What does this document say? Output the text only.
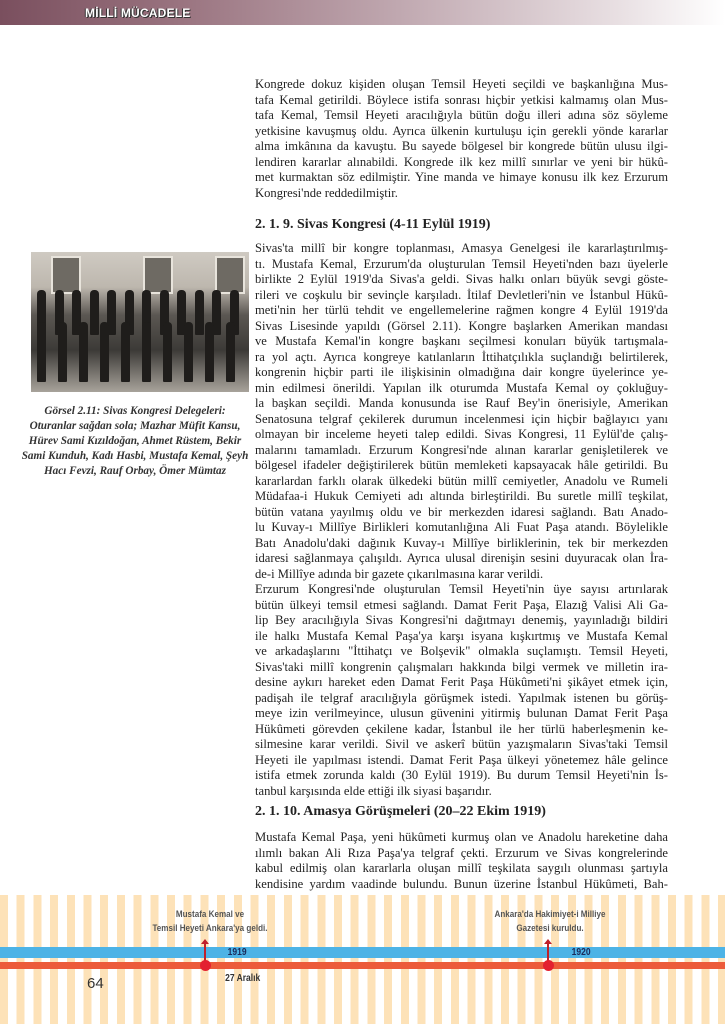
MİLLİ MÜCADELE
Kongrede dokuz kişiden oluşan Temsil Heyeti seçildi ve başkanlığına Mus-
tafa Kemal getirildi. Böylece istifa sonrası hiçbir yetkisi kalmamış olan Mus-
tafa Kemal, Temsil Heyeti aracılığıyla bütün doğu illeri adına söz söyleme
yetkisine kavuşmuş oldu. Ayrıca ülkenin kurtuluşu için gerekli yönde kararlar
alma imkânına da kavuştu. Bu sayede bölgesel bir kongrede bütün ulusu ilgi-
lendiren kararlar alınabildi. Kongrede ilk kez millî sınırlar ve yeni bir hükû-
met kurmaktan söz edilmiştir. Yine manda ve himaye konusu ilk kez Erzurum
Kongresi'nde reddedilmiştir.
2. 1. 9. Sivas Kongresi (4-11 Eylül 1919)
Sivas'ta millî bir kongre toplanması, Amasya Genelgesi ile kararlaştırılmış-
tı. Mustafa Kemal, Erzurum'da oluşturulan Temsil Heyeti'nden bazı üyelerle
birlikte 2 Eylül 1919'da Sivas'a geldi. Sivas halkı onları büyük sevgi göste-
rileri ve coşkulu bir sevinçle karşıladı. İtilaf Devletleri'nin ve İstanbul Hükû-
meti'nin her türlü tehdit ve engellemelerine rağmen kongre 4 Eylül 1919'da
Sivas Lisesinde yapıldı (Görsel 2.11). Kongre başlarken Amerikan mandası
ve Mustafa Kemal'in kongre başkanı seçilmesi konuları büyük tartışmala-
ra yol açtı. Ayrıca kongreye katılanların İttihatçılıkla suçlandığı belirtilerek,
kongrenin hiçbir parti ile ilişkisinin olmadığına dair kongre üyelerince ye-
min edilmesi önerildi. Yapılan ilk oturumda Mustafa Kemal oy çokluğuy-
la başkan seçildi. Manda konusunda ise Rauf Bey'in önerisiyle, Amerikan
Senatosuna telgraf çekilerek durumun incelenmesi için hiçbir bağlayıcı yanı
olmayan bir inceleme heyeti talep edildi. Sivas Kongresi, 11 Eylül'de çalış-
malarını tamamladı. Erzurum Kongresi'nde alınan kararlar genişletilerek ve
bölgesel ifadeler değiştirilerek bütün memleketi kapsayacak hâle getirildi. Bu
kararlardan farklı olarak ülkedeki bütün millî cemiyetler, Anadolu ve Rumeli
Müdafaa-i Hukuk Cemiyeti adı altında birleştirildi. Bu suretle millî teşkilat,
bütün vatana yayılmış oldu ve bir merkezden idaresi sağlandı. Batı Anado-
lu Kuvay-ı Millîye Birlikleri komutanlığına Ali Fuat Paşa atandı. Böylelikle
Batı Anadolu'daki dağınık Kuvay-ı Millîye birliklerinin, tek bir merkezden
idaresi sağlanmaya çalışıldı. Ayrıca ulusal direnişin sesini duyuracak olan İra-
de-i Millîye adında bir gazete çıkarılmasına karar verildi.
Erzurum Kongresi'nde oluşturulan Temsil Heyeti'nin üye sayısı artırılarak
bütün ülkeyi temsil etmesi sağlandı. Damat Ferit Paşa, Elazığ Valisi Ali Ga-
lip Bey aracılığıyla Sivas Kongresi'ni dağıtmayı denemiş, yayınladığı bildiri
ile halkı Mustafa Kemal Paşa'ya karşı isyana kışkırtmış ve Mustafa Kemal
ve arkadaşlarını "İttihatçı ve Bolşevik" olmakla suçlamıştı. Temsil Heyeti,
Sivas'taki millî kongrenin çalışmaları hakkında bilgi vermek ve milletin ira-
desine aykırı hareket eden Damat Ferit Paşa Hükûmeti'ni şikâyet etmek için,
padişah ile telgraf aracılığıyla görüşmek istedi. Yapılmak istenen bu görüş-
meye izin verilmeyince, ulusun güvenini yitirmiş bulunan Damat Ferit Paşa
Hükûmeti görevden çekilene kadar, İstanbul ile her türlü haberleşmenin ke-
silmesine karar verildi. Sivil ve askerî bütün yazışmaların Sivas'taki Temsil
Heyeti ile yapılması istendi. Damat Ferit Paşa ülkeyi yönetemez hâle gelince
istifa etmek zorunda kaldı (30 Eylül 1919). Bu durum Temsil Heyeti'nin İs-
tanbul karşısında elde ettiği ilk siyasi başarıdır.
2. 1. 10. Amasya Görüşmeleri (20–22 Ekim 1919)
Mustafa Kemal Paşa, yeni hükûmeti kurmuş olan ve Anadolu hareketine daha
ılımlı bakan Ali Rıza Paşa'ya telgraf çekti. Erzurum ve Sivas kongrelerinde
kabul edilmiş olan kararlarla oluşan millî teşkilata saygılı olunması şartıyla
kendisine yardım vaadinde bulundu. Bunun üzerine İstanbul Hükûmeti, Bah-
Görsel 2.11: Sivas Kongresi Delegeleri:
Oturanlar sağdan sola; Mazhar Müfit Kansu, Hürev Sami Kızıldoğan, Ahmet Rüstem, Bekir Sami Kunduh, Kadı Hasbi, Mustafa Kemal, Şeyh Hacı Fevzi, Rauf Orbay, Ömer Mümtaz
Mustafa Kemal ve
Temsil Heyeti Ankara'ya geldi.
Ankara'da Hakimiyet-i Milliye
Gazetesi kuruldu.
1919	1920
27 Aralık
64
